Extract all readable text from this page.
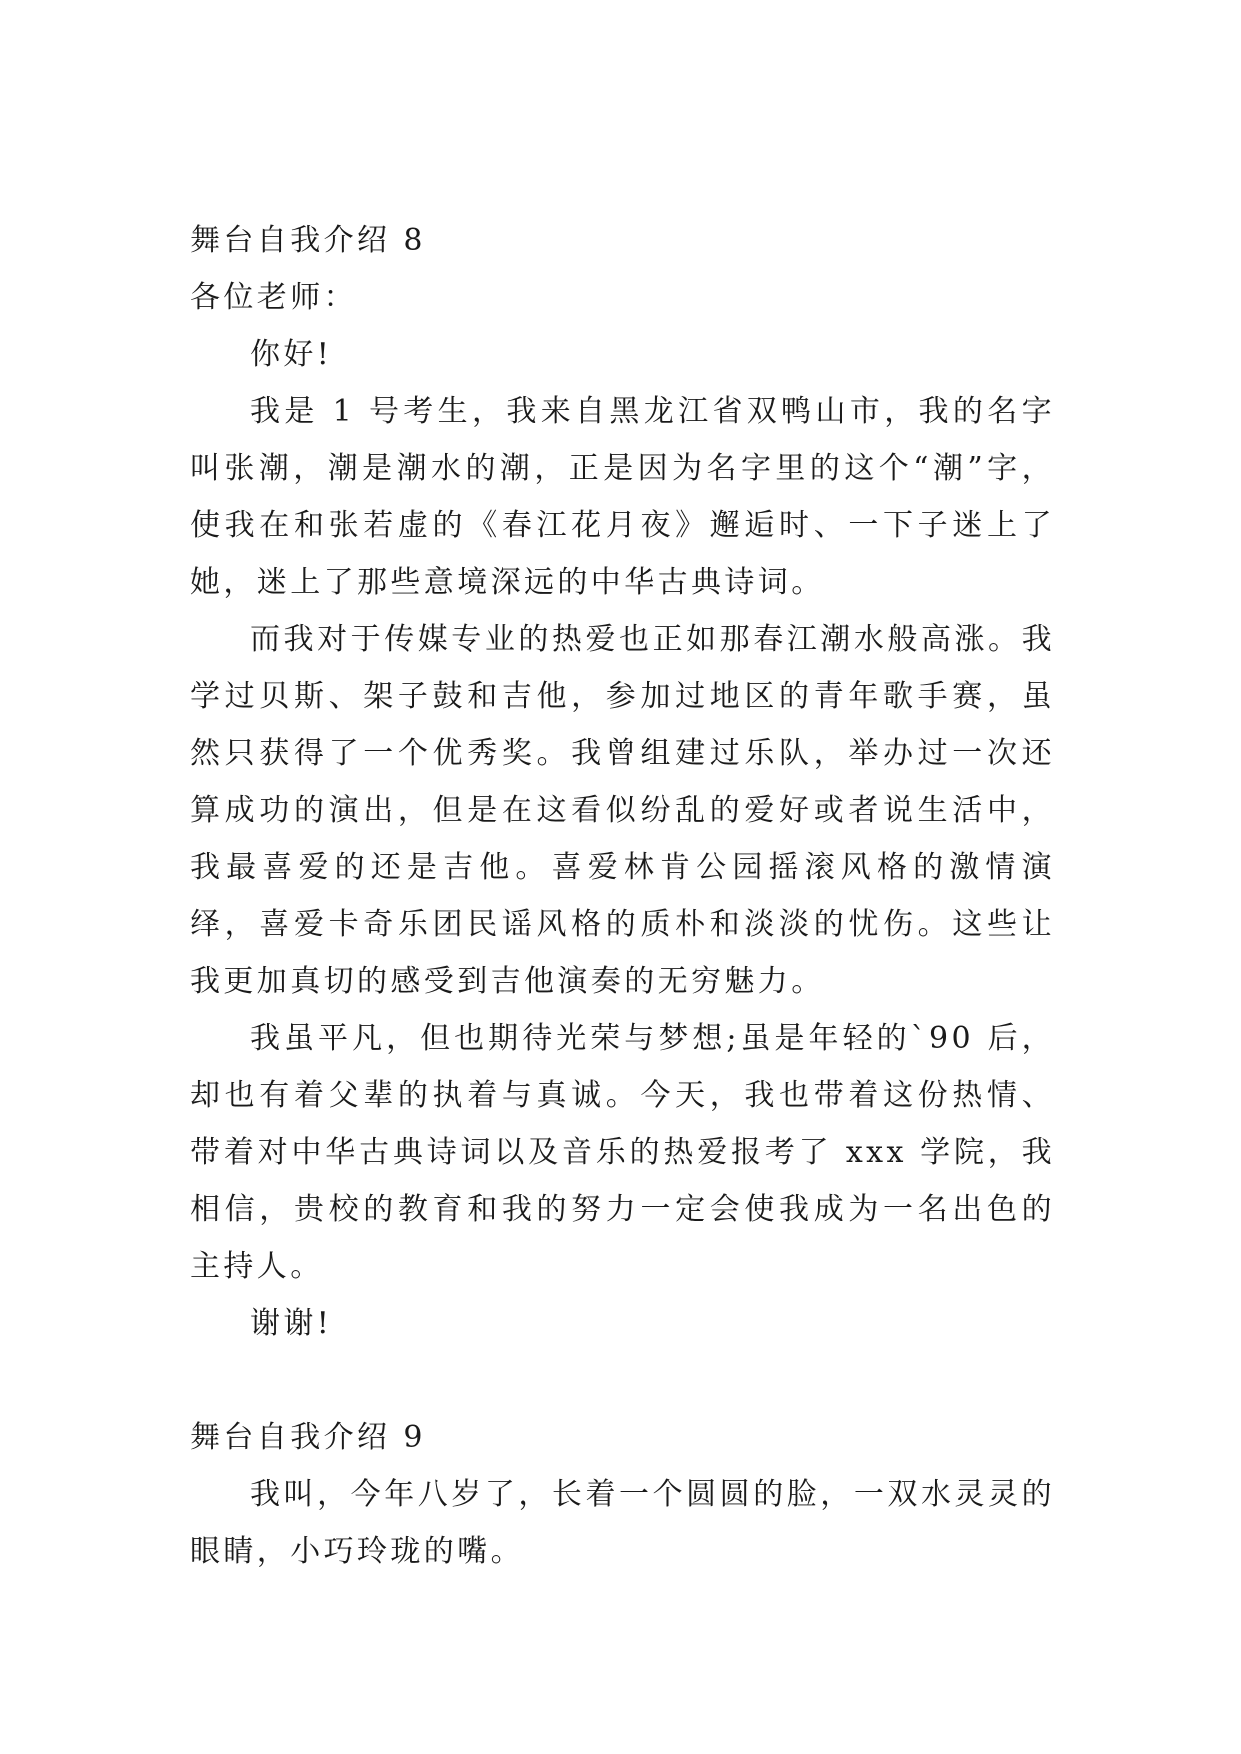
舞台自我介绍 8
各位老师：
你好!
我是 1 号考生，我来自黑龙江省双鸭山市，我的名字叫张潮，潮是潮水的潮，正是因为名字里的这个“潮”字，使我在和张若虚的《春江花月夜》邂逅时、一下子迷上了她，迷上了那些意境深远的中华古典诗词。
而我对于传媒专业的热爱也正如那春江潮水般高涨。我学过贝斯、架子鼓和吉他，参加过地区的青年歌手赛，虽然只获得了一个优秀奖。我曾组建过乐队，举办过一次还算成功的演出，但是在这看似纷乱的爱好或者说生活中，我最喜爱的还是吉他。喜爱林肯公园摇滚风格的激情演绎，喜爱卡奇乐团民谣风格的质朴和淡淡的忧伤。这些让我更加真切的感受到吉他演奏的无穷魅力。
我虽平凡，但也期待光荣与梦想;虽是年轻的`90 后，却也有着父辈的执着与真诚。今天，我也带着这份热情、带着对中华古典诗词以及音乐的热爱报考了 xxx 学院，我相信，贵校的教育和我的努力一定会使我成为一名出色的主持人。
谢谢!
舞台自我介绍 9
我叫，今年八岁了，长着一个圆圆的脸，一双水灵灵的眼睛，小巧玲珑的嘴。
